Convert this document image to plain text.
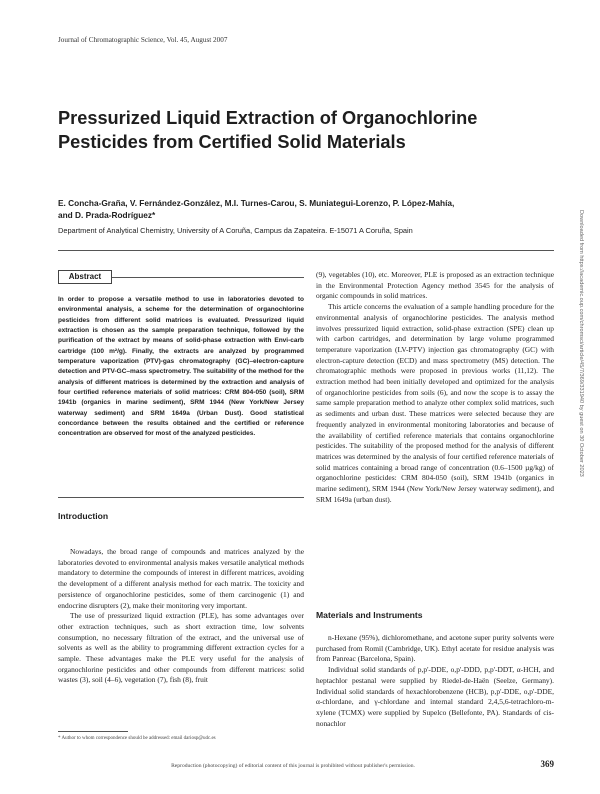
Journal of Chromatographic Science, Vol. 45, August 2007
Pressurized Liquid Extraction of Organochlorine
Pesticides from Certified Solid Materials
E. Concha-Graña, V. Fernández-González, M.I. Turnes-Carou, S. Muniategui-Lorenzo, P. López-Mahía,
and D. Prada-Rodríguez*
Department of Analytical Chemistry, University of A Coruña, Campus da Zapateira. E-15071 A Coruña, Spain
Abstract
In order to propose a versatile method to use in laboratories devoted to environmental analysis, a scheme for the determination of organochlorine pesticides from different solid matrices is evaluated. Pressurized liquid extraction is chosen as the sample preparation technique, followed by the purification of the extract by means of solid-phase extraction with Envi-carb cartridge (100 m²/g). Finally, the extracts are analyzed by programmed temperature vaporization (PTV)-gas chromatography (GC)–electron-capture detection and PTV-GC–mass spectrometry. The suitability of the method for the analysis of different matrices is determined by the extraction and analysis of four certified reference materials of solid matrices: CRM 804-050 (soil), SRM 1941b (organics in marine sediment), SRM 1944 (New York/New Jersey waterway sediment) and SRM 1649a (Urban Dust). Good statistical concordance between the results obtained and the certified or reference concentration are observed for most of the analyzed pesticides.
Introduction

Nowadays, the broad range of compounds and matrices analyzed by the laboratories devoted to environmental analysis makes versatile analytical methods mandatory to determine the compounds of interest in different matrices, avoiding the development of a different analysis method for each matrix. The toxicity and persistence of organochlorine pesticides, some of them carcinogenic (1) and endocrine disrupters (2), make their monitoring very important.

The use of pressurized liquid extraction (PLE), has some advantages over other extraction techniques, such as short extraction time, low solvents consumption, no necessary filtration of the extract, and the universal use of solvents as well as the ability to programming different extraction cycles for a sample. These advantages make the PLE very useful for the analysis of organochlorine pesticides and other compounds from different matrices: solid wastes (3), soil (4–6), vegetation (7), fish (8), fruit

* Author to whom correspondence should be addressed: email dariosp@udc.es

(9), vegetables (10), etc. Moreover, PLE is proposed as an extraction technique in the Environmental Protection Agency method 3545 for the analysis of organic compounds in solid matrices.

This article concerns the evaluation of a sample handling procedure for the environmental analysis of organochlorine pesticides. The analysis method involves pressurized liquid extraction, solid-phase extraction (SPE) clean up with carbon cartridges, and determination by large volume programmed temperature vaporization (LV-PTV) injection gas chromatography (GC) with electron-capture detection (ECD) and mass spectrometry (MS) detection. The chromatographic methods were proposed in previous works (11,12). The extraction method had been initially developed and optimized for the analysis of organochlorine pesticides from soils (6), and now the scope is to assay the same sample preparation method to analyze other complex solid matrices, such as sediments and urban dust. These matrices were selected because they are frequently analyzed in environmental monitoring laboratories and because of the availability of certified reference materials that contains organochlorine pesticides. The suitability of the proposed method for the analysis of different matrices was determined by the analysis of four certified reference materials of solid matrices containing a broad range of concentration (0.6–1500 µg/kg) of organochlorine pesticides: CRM 804-050 (soil), SRM 1941b (organics in marine sediment), SRM 1944 (New York/New Jersey waterway sediment), and SRM 1649a (urban dust).

Materials and Instruments

n-Hexane (95%), dichloromethane, and acetone super purity solvents were purchased from Romil (Cambridge, UK). Ethyl acetate for residue analysis was from Panreac (Barcelona, Spain).

Individual solid standards of p,p'-DDE, o,p'-DDD, p,p'-DDT, α-HCH, and heptachlor pestanal were supplied by Riedel-de-Haën (Seelze, Germany). Individual solid standards of hexachlorobenzene (HCB), p,p'-DDE, o,p'-DDE, α-chlordane, and γ-chlordane and internal standard 2,4,5,6-tetrachloro-m-xylene (TCMX) were supplied by Supelco (Bellefonte, PA). Standards of cis-nonachlor

Reproduction (photocopying) of editorial content of this journal is prohibited without publisher's permission.	369
Downloaded from https://academic.oup.com/chromsci/article/45/7/369/331940 by guest on 30 October 2023
